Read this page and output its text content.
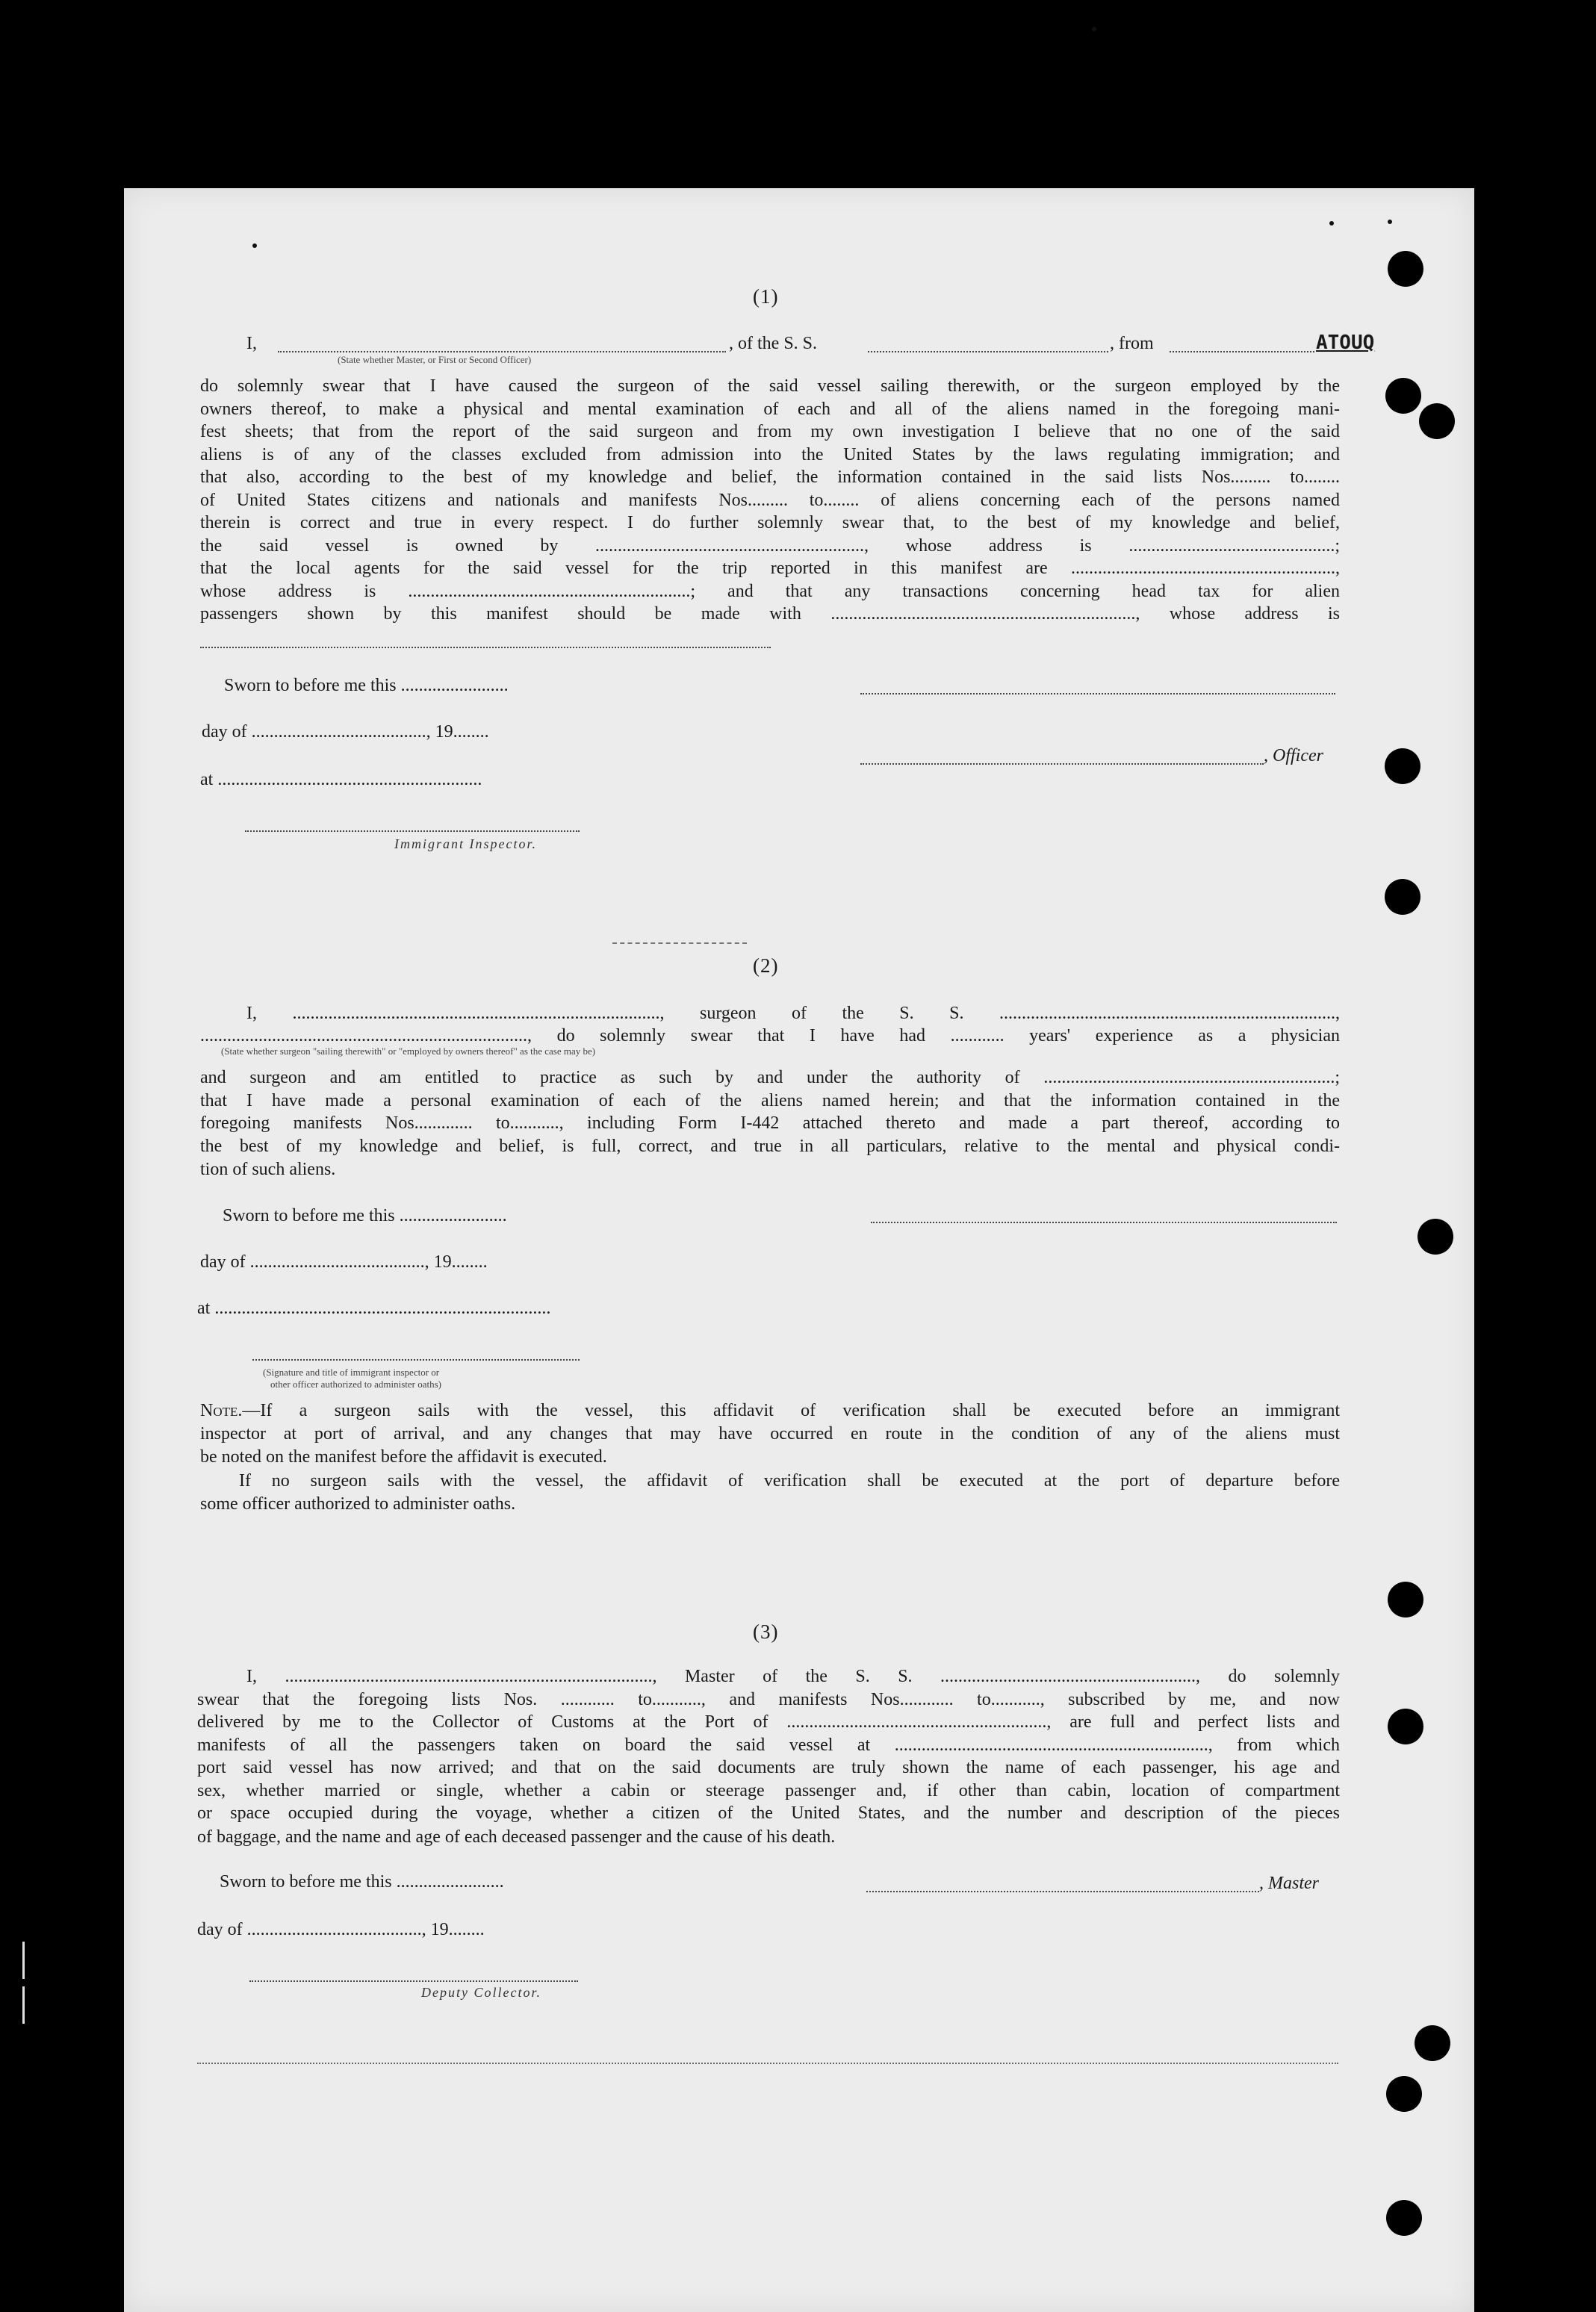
(1)
I,	, of the S. S.	, from	ATOUQ
(State whether Master, or First or Second Officer)
do solemnly swear that I have caused the surgeon of the said vessel sailing therewith, or the surgeon employed by the
owners thereof, to make a physical and mental examination of each and all of the aliens named in the foregoing mani-
fest sheets; that from the report of the said surgeon and from my own investigation I believe that no one of the said
aliens is of any of the classes excluded from admission into the United States by the laws regulating immigration; and
that also, according to the best of my knowledge and belief, the information contained in the said lists Nos......... to........
of United States citizens and nationals and manifests Nos......... to........ of aliens concerning each of the persons named
therein is correct and true in every respect. I do further solemnly swear that, to the best of my knowledge and belief,
the said vessel is owned by ............................................................, whose address is ..............................................;
that the local agents for the said vessel for the trip reported in this manifest are ...........................................................,
whose address is ...............................................................; and that any transactions concerning head tax for alien
passengers shown by this manifest should be made with ...................................................................., whose address is
Sworn to before me this ........................
day of ......................................., 19........
, Officer
at ...........................................................
Immigrant Inspector.
(2)
I, .................................................................................., surgeon of the S. S. ...........................................................................,
........................................................................., do solemnly swear that I have had ............ years' experience as a physician
(State whether surgeon "sailing therewith" or "employed by owners thereof" as the case may be)
and surgeon and am entitled to practice as such by and under the authority of .................................................................;
that I have made a personal examination of each of the aliens named herein; and that the information contained in the
foregoing manifests Nos............. to..........., including Form I-442 attached thereto and made a part thereof, according to
the best of my knowledge and belief, is full, correct, and true in all particulars, relative to the mental and physical condi-
tion of such aliens.
Sworn to before me this ........................
day of ......................................., 19........
at ...........................................................................
(Signature and title of immigrant inspector or
other officer authorized to administer oaths)
Note.—If a surgeon sails with the vessel, this affidavit of verification shall be executed before an immigrant
inspector at port of arrival, and any changes that may have occurred en route in the condition of any of the aliens must
be noted on the manifest before the affidavit is executed.
If no surgeon sails with the vessel, the affidavit of verification shall be executed at the port of departure before
some officer authorized to administer oaths.
(3)
I, .................................................................................., Master of the S. S. ........................................................., do solemnly
swear that the foregoing lists Nos. ............ to..........., and manifests Nos............ to..........., subscribed by me, and now
delivered by me to the Collector of Customs at the Port of .........................................................., are full and perfect lists and
manifests of all the passengers taken on board the said vessel at ......................................................................, from which
port said vessel has now arrived; and that on the said documents are truly shown the name of each passenger, his age and
sex, whether married or single, whether a cabin or steerage passenger and, if other than cabin, location of compartment
or space occupied during the voyage, whether a citizen of the United States, and the number and description of the pieces
of baggage, and the name and age of each deceased passenger and the cause of his death.
Sworn to before me this ........................	, Master
day of ......................................., 19........
Deputy Collector.
